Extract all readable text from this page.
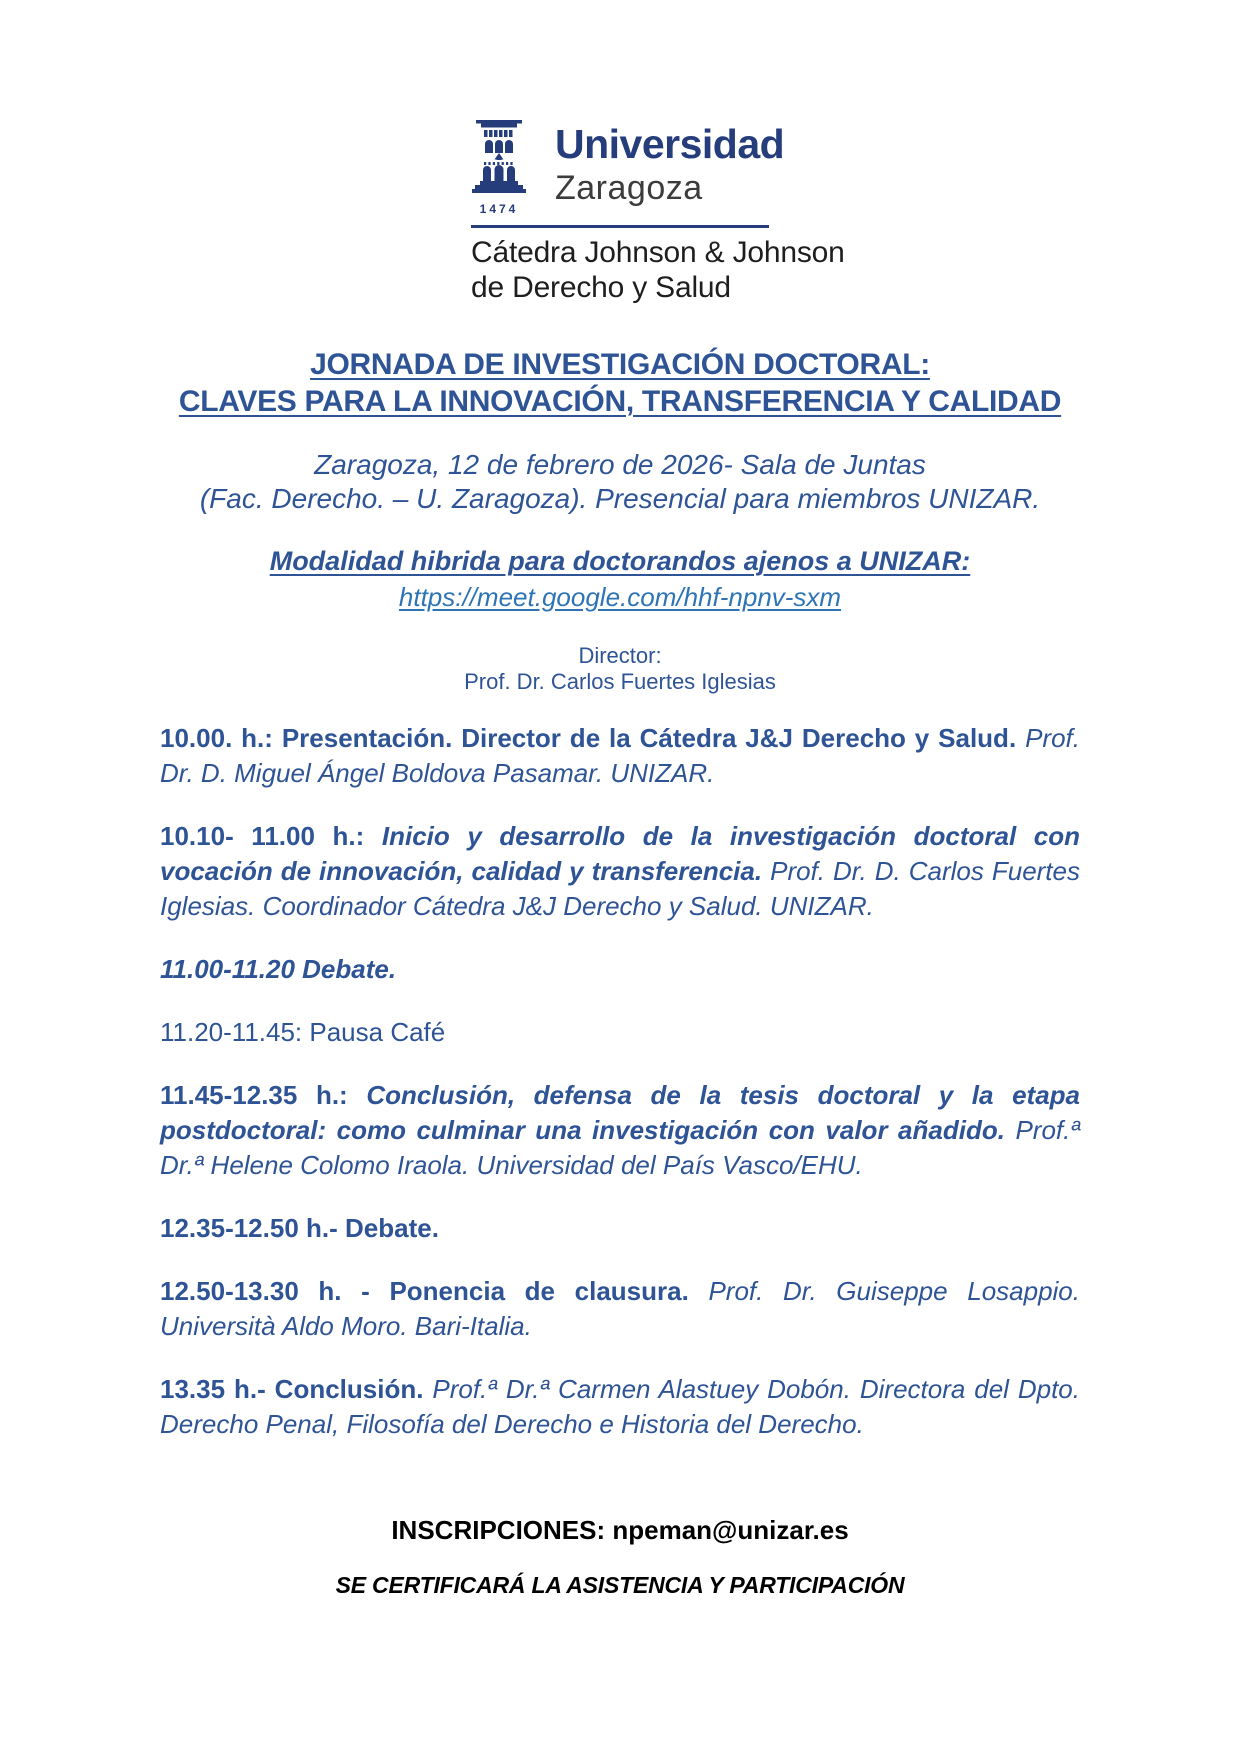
1474
Universidad
Zaragoza
Cátedra Johnson & Johnson
de Derecho y Salud
JORNADA DE INVESTIGACIÓN DOCTORAL:
CLAVES PARA LA INNOVACIÓN, TRANSFERENCIA Y CALIDAD
Zaragoza, 12 de febrero de 2026- Sala de Juntas
(Fac. Derecho. – U. Zaragoza). Presencial para miembros UNIZAR.
Modalidad hibrida para doctorandos ajenos a UNIZAR:
https://meet.google.com/hhf-npnv-sxm
Director:
Prof. Dr. Carlos Fuertes Iglesias

10.00. h.: Presentación. Director de la Cátedra J&J Derecho y Salud. Prof. Dr. D. Miguel Ángel Boldova Pasamar. UNIZAR.

10.10- 11.00 h.: Inicio y desarrollo de la investigación doctoral con vocación de innovación, calidad y transferencia. Prof. Dr. D. Carlos Fuertes Iglesias. Coordinador Cátedra J&J Derecho y Salud. UNIZAR.

11.00-11.20 Debate.

11.20-11.45: Pausa Café

11.45-12.35 h.: Conclusión, defensa de la tesis doctoral y la etapa postdoctoral: como culminar una investigación con valor añadido. Prof.ª Dr.ª Helene Colomo Iraola. Universidad del País Vasco/EHU.

12.35-12.50 h.- Debate.

12.50-13.30 h. - Ponencia de clausura. Prof. Dr. Guiseppe Losappio. Università Aldo Moro. Bari-Italia.

13.35 h.- Conclusión. Prof.ª Dr.ª Carmen Alastuey Dobón. Directora del Dpto. Derecho Penal, Filosofía del Derecho e Historia del Derecho.

INSCRIPCIONES: npeman@unizar.es
SE CERTIFICARÁ LA ASISTENCIA Y PARTICIPACIÓN
